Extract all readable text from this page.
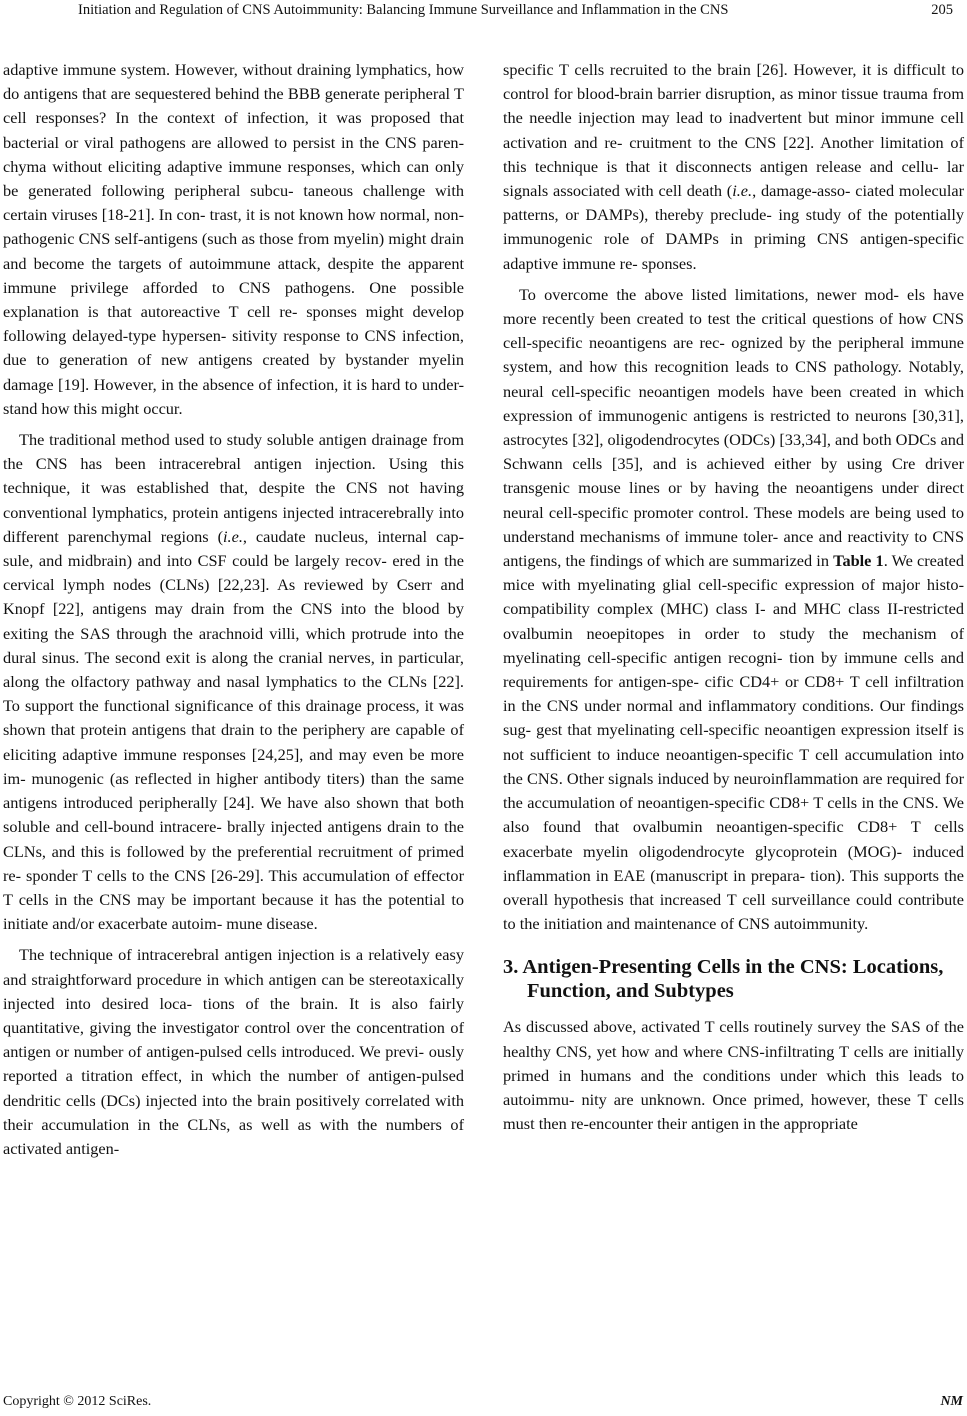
Initiation and Regulation of CNS Autoimmunity: Balancing Immune Surveillance and Inflammation in the CNS	205

adaptive immune system. However, without draining lymphatics, how do antigens that are sequestered behind the BBB generate peripheral T cell responses? In the context of infection, it was proposed that bacterial or viral pathogens are allowed to persist in the CNS paren- chyma without eliciting adaptive immune responses, which can only be generated following peripheral subcu- taneous challenge with certain viruses [18-21]. In con- trast, it is not known how normal, non-pathogenic CNS self-antigens (such as those from myelin) might drain and become the targets of autoimmune attack, despite the apparent immune privilege afforded to CNS pathogens. One possible explanation is that autoreactive T cell re- sponses might develop following delayed-type hypersen- sitivity response to CNS infection, due to generation of new antigens created by bystander myelin damage [19]. However, in the absence of infection, it is hard to under- stand how this might occur.

The traditional method used to study soluble antigen drainage from the CNS has been intracerebral antigen injection. Using this technique, it was established that, despite the CNS not having conventional lymphatics, protein antigens injected intracerebrally into different parenchymal regions (i.e., caudate nucleus, internal cap- sule, and midbrain) and into CSF could be largely recov- ered in the cervical lymph nodes (CLNs) [22,23]. As reviewed by Cserr and Knopf [22], antigens may drain from the CNS into the blood by exiting the SAS through the arachnoid villi, which protrude into the dural sinus. The second exit is along the cranial nerves, in particular, along the olfactory pathway and nasal lymphatics to the CLNs [22]. To support the functional significance of this drainage process, it was shown that protein antigens that drain to the periphery are capable of eliciting adaptive immune responses [24,25], and may even be more im- munogenic (as reflected in higher antibody titers) than the same antigens introduced peripherally [24]. We have also shown that both soluble and cell-bound intracere- brally injected antigens drain to the CLNs, and this is followed by the preferential recruitment of primed re- sponder T cells to the CNS [26-29]. This accumulation of effector T cells in the CNS may be important because it has the potential to initiate and/or exacerbate autoim- mune disease.

The technique of intracerebral antigen injection is a relatively easy and straightforward procedure in which antigen can be stereotaxically injected into desired loca- tions of the brain. It is also fairly quantitative, giving the investigator control over the concentration of antigen or number of antigen-pulsed cells introduced. We previ- ously reported a titration effect, in which the number of antigen-pulsed dendritic cells (DCs) injected into the brain positively correlated with their accumulation in the CLNs, as well as with the numbers of activated antigen-

specific T cells recruited to the brain [26]. However, it is difficult to control for blood-brain barrier disruption, as minor tissue trauma from the needle injection may lead to inadvertent but minor immune cell activation and re- cruitment to the CNS [22]. Another limitation of this technique is that it disconnects antigen release and cellu- lar signals associated with cell death (i.e., damage-asso- ciated molecular patterns, or DAMPs), thereby preclude- ing study of the potentially immunogenic role of DAMPs in priming CNS antigen-specific adaptive immune re- sponses.

To overcome the above listed limitations, newer mod- els have more recently been created to test the critical questions of how CNS cell-specific neoantigens are rec- ognized by the peripheral immune system, and how this recognition leads to CNS pathology. Notably, neural cell-specific neoantigen models have been created in which expression of immunogenic antigens is restricted to neurons [30,31], astrocytes [32], oligodendrocytes (ODCs) [33,34], and both ODCs and Schwann cells [35], and is achieved either by using Cre driver transgenic mouse lines or by having the neoantigens under direct neural cell-specific promoter control. These models are being used to understand mechanisms of immune toler- ance and reactivity to CNS antigens, the findings of which are summarized in Table 1. We created mice with myelinating glial cell-specific expression of major histo- compatibility complex (MHC) class I- and MHC class II-restricted ovalbumin neoepitopes in order to study the mechanism of myelinating cell-specific antigen recogni- tion by immune cells and requirements for antigen-spe- cific CD4+ or CD8+ T cell infiltration in the CNS under normal and inflammatory conditions. Our findings sug- gest that myelinating cell-specific neoantigen expression itself is not sufficient to induce neoantigen-specific T cell accumulation into the CNS. Other signals induced by neuroinflammation are required for the accumulation of neoantigen-specific CD8+ T cells in the CNS. We also found that ovalbumin neoantigen-specific CD8+ T cells exacerbate myelin oligodendrocyte glycoprotein (MOG)- induced inflammation in EAE (manuscript in prepara- tion). This supports the overall hypothesis that increased T cell surveillance could contribute to the initiation and maintenance of CNS autoimmunity.

3. Antigen-Presenting Cells in the CNS: Locations, Function, and Subtypes

As discussed above, activated T cells routinely survey the SAS of the healthy CNS, yet how and where CNS-infiltrating T cells are initially primed in humans and the conditions under which this leads to autoimmu- nity are unknown. Once primed, however, these T cells must then re-encounter their antigen in the appropriate

Copyright © 2012 SciRes.	NM
